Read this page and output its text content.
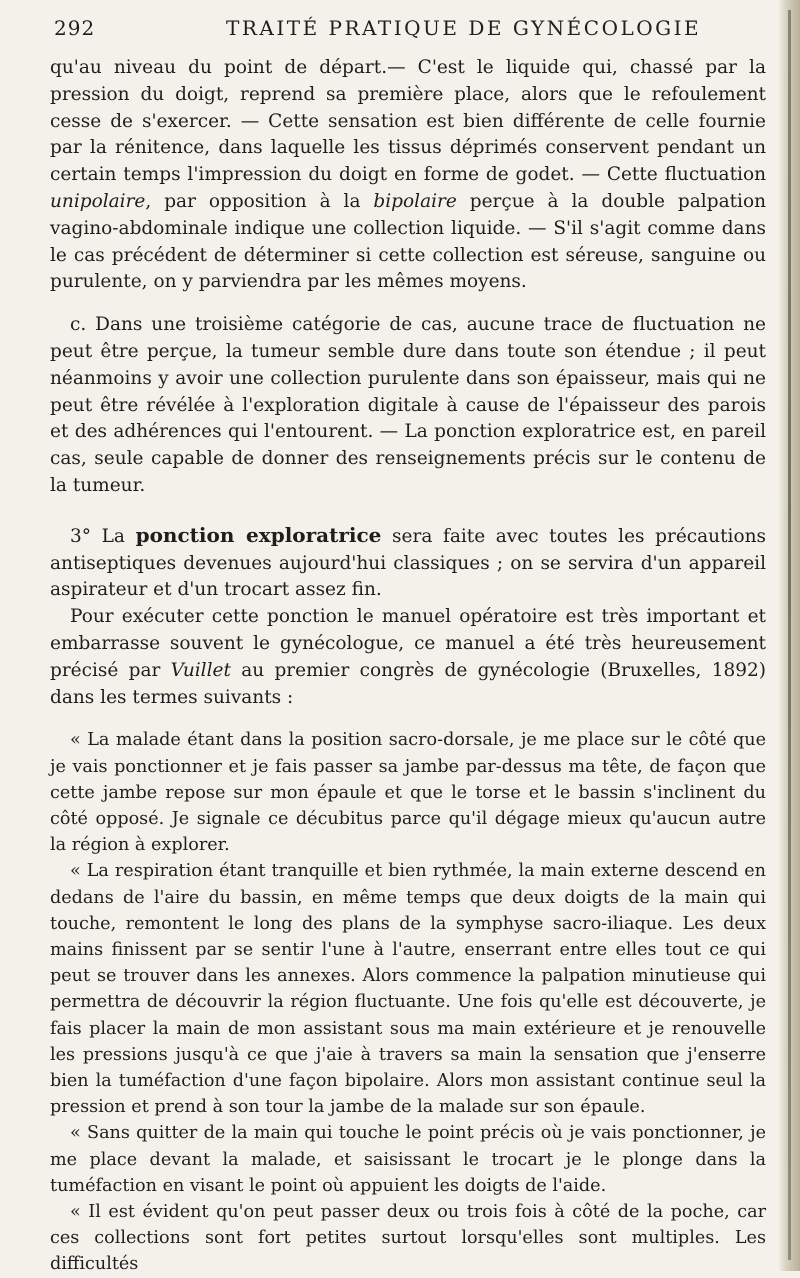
292	TRAITÉ PRATIQUE DE GYNÉCOLOGIE

qu'au niveau du point de départ.— C'est le liquide qui, chassé par la pression du doigt, reprend sa première place, alors que le refoulement cesse de s'exercer. — Cette sensation est bien différente de celle fournie par la rénitence, dans laquelle les tissus déprimés conservent pendant un certain temps l'impression du doigt en forme de godet. — Cette fluctuation unipolaire, par opposition à la bipolaire perçue à la double palpation vagino-abdominale indique une collection liquide. — S'il s'agit comme dans le cas précédent de déterminer si cette collection est séreuse, sanguine ou purulente, on y parviendra par les mêmes moyens.

c. Dans une troisième catégorie de cas, aucune trace de fluctuation ne peut être perçue, la tumeur semble dure dans toute son étendue ; il peut néanmoins y avoir une collection purulente dans son épaisseur, mais qui ne peut être révélée à l'exploration digitale à cause de l'épaisseur des parois et des adhérences qui l'entourent. — La ponction exploratrice est, en pareil cas, seule capable de donner des renseignements précis sur le contenu de la tumeur.

3° La ponction exploratrice sera faite avec toutes les précautions antiseptiques devenues aujourd'hui classiques ; on se servira d'un appareil aspirateur et d'un trocart assez fin.

Pour exécuter cette ponction le manuel opératoire est très important et embarrasse souvent le gynécologue, ce manuel a été très heureusement précisé par Vuillet au premier congrès de gynécologie (Bruxelles, 1892) dans les termes suivants :

« La malade étant dans la position sacro-dorsale, je me place sur le côté que je vais ponctionner et je fais passer sa jambe par-dessus ma tête, de façon que cette jambe repose sur mon épaule et que le torse et le bassin s'inclinent du côté opposé. Je signale ce décubitus parce qu'il dégage mieux qu'aucun autre la région à explorer.

« La respiration étant tranquille et bien rythmée, la main externe descend en dedans de l'aire du bassin, en même temps que deux doigts de la main qui touche, remontent le long des plans de la symphyse sacro-iliaque. Les deux mains finissent par se sentir l'une à l'autre, enserrant entre elles tout ce qui peut se trouver dans les annexes. Alors commence la palpation minutieuse qui permettra de découvrir la région fluctuante. Une fois qu'elle est découverte, je fais placer la main de mon assistant sous ma main extérieure et je renouvelle les pressions jusqu'à ce que j'aie à travers sa main la sensation que j'enserre bien la tuméfaction d'une façon bipolaire. Alors mon assistant continue seul la pression et prend à son tour la jambe de la malade sur son épaule.

« Sans quitter de la main qui touche le point précis où je vais ponctionner, je me place devant la malade, et saisissant le trocart je le plonge dans la tuméfaction en visant le point où appuient les doigts de l'aide.

« Il est évident qu'on peut passer deux ou trois fois à côté de la poche, car ces collections sont fort petites surtout lorsqu'elles sont multiples. Les difficultés
